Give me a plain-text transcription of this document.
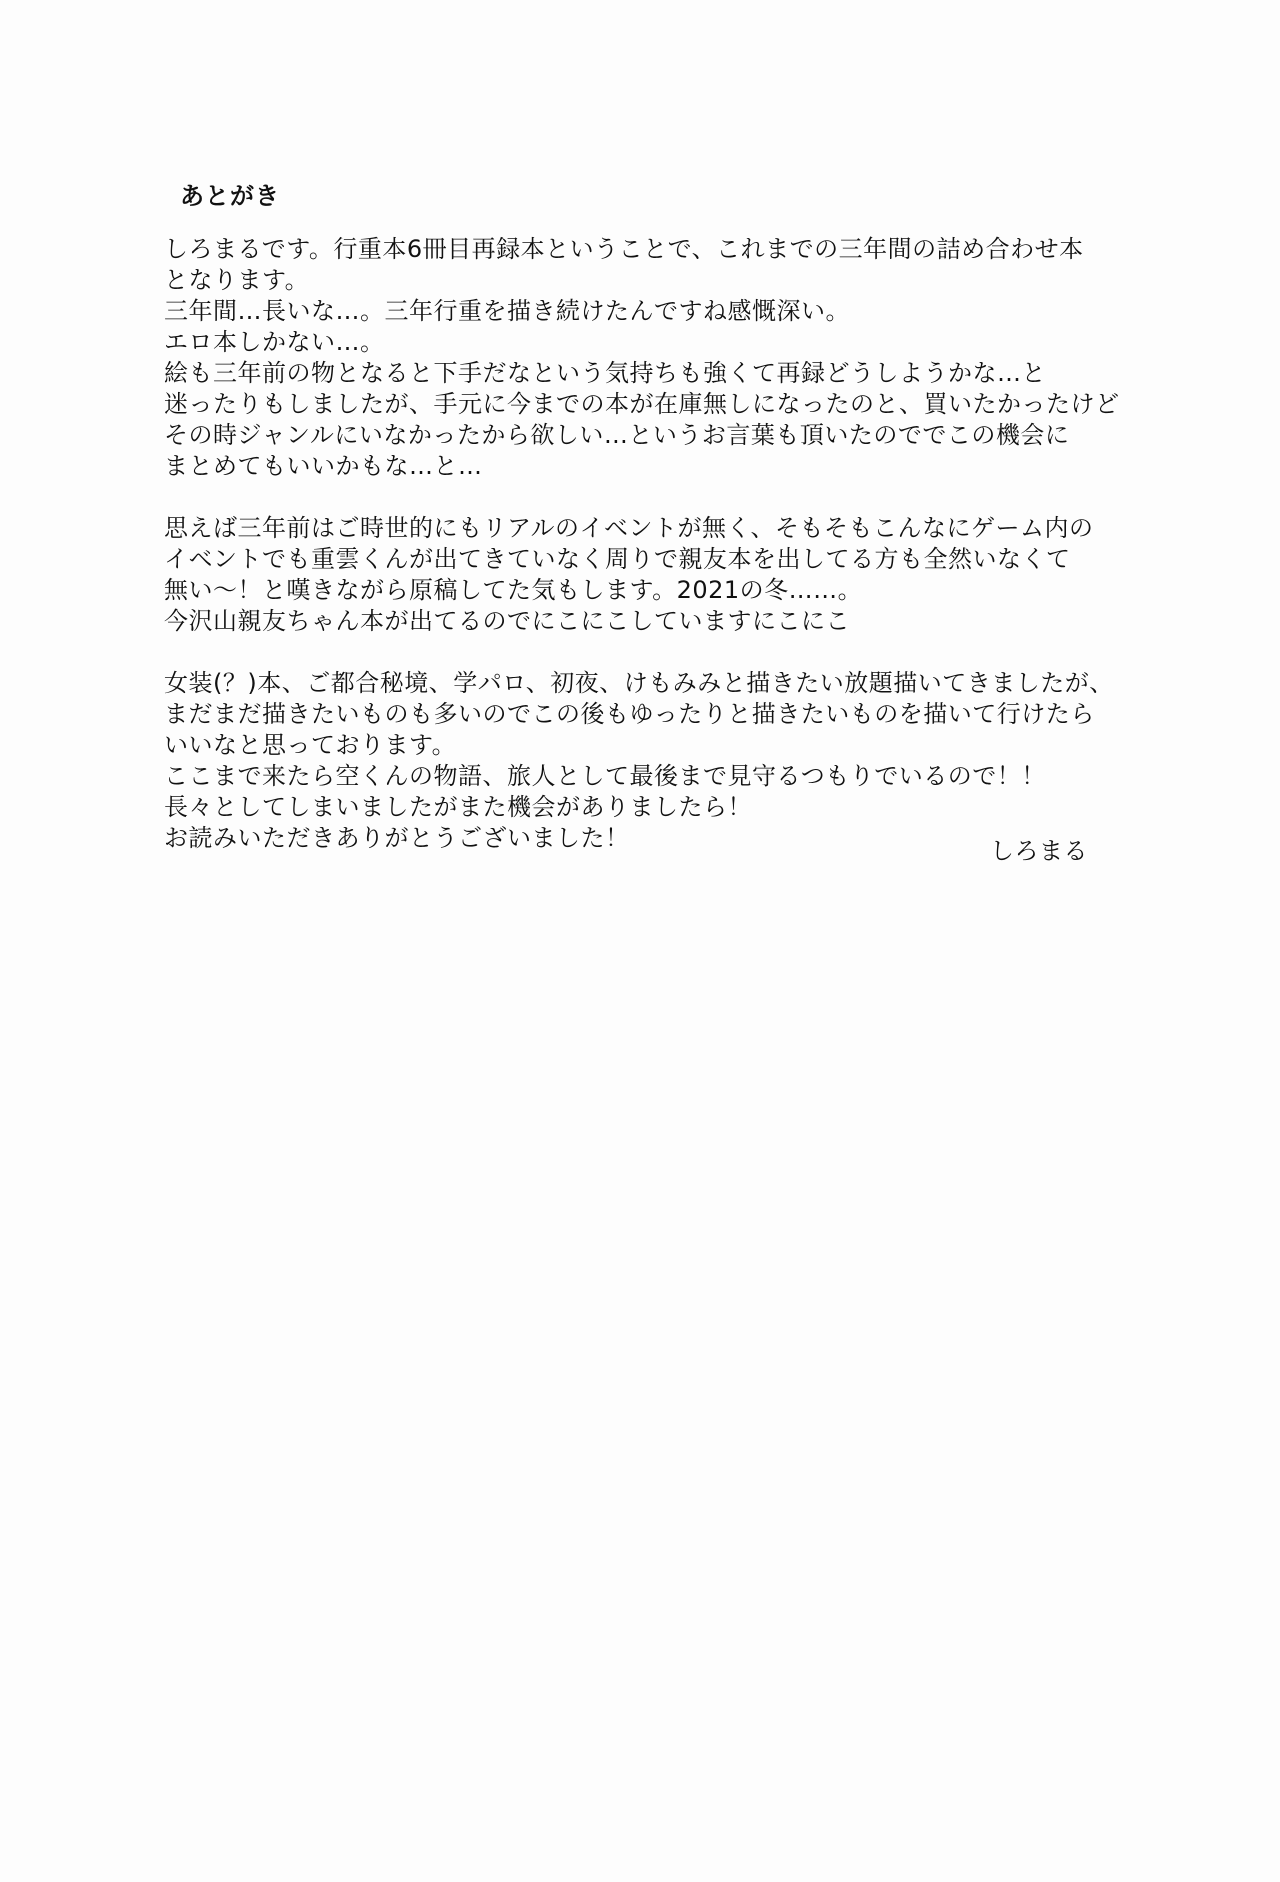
あとがき
しろまるです。行重本6冊目再録本ということで、これまでの三年間の詰め合わせ本
となります。
三年間…長いな…。三年行重を描き続けたんですね感慨深い。
エロ本しかない…。
絵も三年前の物となると下手だなという気持ちも強くて再録どうしようかな…と
迷ったりもしましたが、手元に今までの本が在庫無しになったのと、買いたかったけど
その時ジャンルにいなかったから欲しい…というお言葉も頂いたのででこの機会に
まとめてもいいかもな…と…
思えば三年前はご時世的にもリアルのイベントが無く、そもそもこんなにゲーム内の
イベントでも重雲くんが出てきていなく周りで親友本を出してる方も全然いなくて
無い〜！と嘆きながら原稿してた気もします。2021の冬……。
今沢山親友ちゃん本が出てるのでにこにこしていますにこにこ
女装(？)本、ご都合秘境、学パロ、初夜、けもみみと描きたい放題描いてきましたが、
まだまだ描きたいものも多いのでこの後もゆったりと描きたいものを描いて行けたら
いいなと思っております。
ここまで来たら空くんの物語、旅人として最後まで見守るつもりでいるので！！
長々としてしまいましたがまた機会がありましたら！
お読みいただきありがとうございました！	しろまる
